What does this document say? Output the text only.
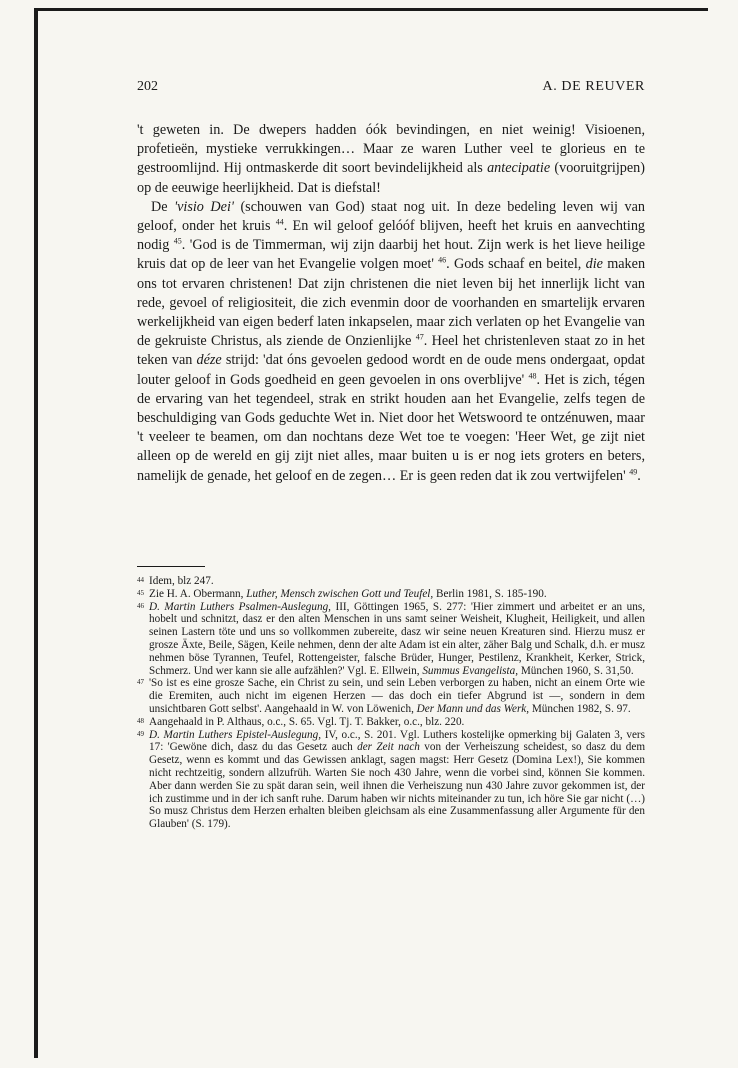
202	A. DE REUVER

't geweten in. De dwepers hadden óók bevindingen, en niet weinig! Visioenen, profetieën, mystieke verrukkingen… Maar ze waren Luther veel te glorieus en te gestroomlijnd. Hij ontmaskerde dit soort bevindelijkheid als antecipatie (vooruitgrijpen) op de eeuwige heerlijkheid. Dat is diefstal!

De 'visio Dei' (schouwen van God) staat nog uit. In deze bedeling leven wij van geloof, onder het kruis $^{44}$. En wil geloof gelóóf blijven, heeft het kruis en aanvechting nodig $^{45}$. 'God is de Timmerman, wij zijn daarbij het hout. Zijn werk is het lieve heilige kruis dat op de leer van het Evangelie volgen moet' $^{46}$. Gods schaaf en beitel, die maken ons tot ervaren christenen! Dat zijn christenen die niet leven bij het innerlijk licht van rede, gevoel of religiositeit, die zich evenmin door de voorhanden en smartelijk ervaren werkelijkheid van eigen bederf laten inkapselen, maar zich verlaten op het Evangelie van de gekruiste Christus, als ziende de Onzienlijke $^{47}$. Heel het christenleven staat zo in het teken van déze strijd: 'dat óns gevoelen gedood wordt en de oude mens ondergaat, opdat louter geloof in Gods goedheid en geen gevoelen in ons overblijve' $^{48}$. Het is zich, tégen de ervaring van het tegendeel, strak en strikt houden aan het Evangelie, zelfs tegen de beschuldiging van Gods geduchte Wet in. Niet door het Wetswoord te ontzénuwen, maar 't veeleer te beamen, om dan nochtans deze Wet toe te voegen: 'Heer Wet, ge zijt niet alleen op de wereld en gij zijt niet alles, maar buiten u is er nog iets groters en beters, namelijk de genade, het geloof en de zegen… Er is geen reden dat ik zou vertwijfelen' $^{49}$.

44 Idem, blz 247.

45 Zie H. A. Obermann, Luther, Mensch zwischen Gott und Teufel, Berlin 1981, S. 185-190.

46 D. Martin Luthers Psalmen-Auslegung, III, Göttingen 1965, S. 277: 'Hier zimmert und arbeitet er an uns, hobelt und schnitzt, dasz er den alten Menschen in uns samt seiner Weisheit, Klugheit, Heiligkeit, und allen seinen Lastern töte und uns so vollkommen zubereite, dasz wir seine neuen Kreaturen sind. Hierzu musz er grosze Äxte, Beile, Sägen, Keile nehmen, denn der alte Adam ist ein alter, zäher Balg und Schalk, d.h. er musz nehmen böse Tyrannen, Teufel, Rottengeister, falsche Brüder, Hunger, Pestilenz, Krankheit, Kerker, Strick, Schmerz. Und wer kann sie alle aufzählen?' Vgl. E. Ellwein, Summus Evangelista, München 1960, S. 31,50.

47 'So ist es eine grosze Sache, ein Christ zu sein, und sein Leben verborgen zu haben, nicht an einem Orte wie die Eremiten, auch nicht im eigenen Herzen — das doch ein tiefer Abgrund ist —, sondern in dem unsichtbaren Gott selbst'. Aangehaald in W. von Löwenich, Der Mann und das Werk, München 1982, S. 97.

48 Aangehaald in P. Althaus, o.c., S. 65. Vgl. Tj. T. Bakker, o.c., blz. 220.

49 D. Martin Luthers Epistel-Auslegung, IV, o.c., S. 201. Vgl. Luthers kostelijke opmerking bij Galaten 3, vers 17: 'Gewöne dich, dasz du das Gesetz auch der Zeit nach von der Verheiszung scheidest, so dasz du dem Gesetz, wenn es kommt und das Gewissen anklagt, sagen magst: Herr Gesetz (Domina Lex!), Sie kommen nicht rechtzeitig, sondern allzufrüh. Warten Sie noch 430 Jahre, wenn die vorbei sind, können Sie kommen. Aber dann werden Sie zu spät daran sein, weil ihnen die Verheiszung nun 430 Jahre zuvor gekommen ist, der ich zustimme und in der ich sanft ruhe. Darum haben wir nichts miteinander zu tun, ich höre Sie gar nicht (…) So musz Christus dem Herzen erhalten bleiben gleichsam als eine Zusammenfassung aller Argumente für den Glauben' (S. 179).
